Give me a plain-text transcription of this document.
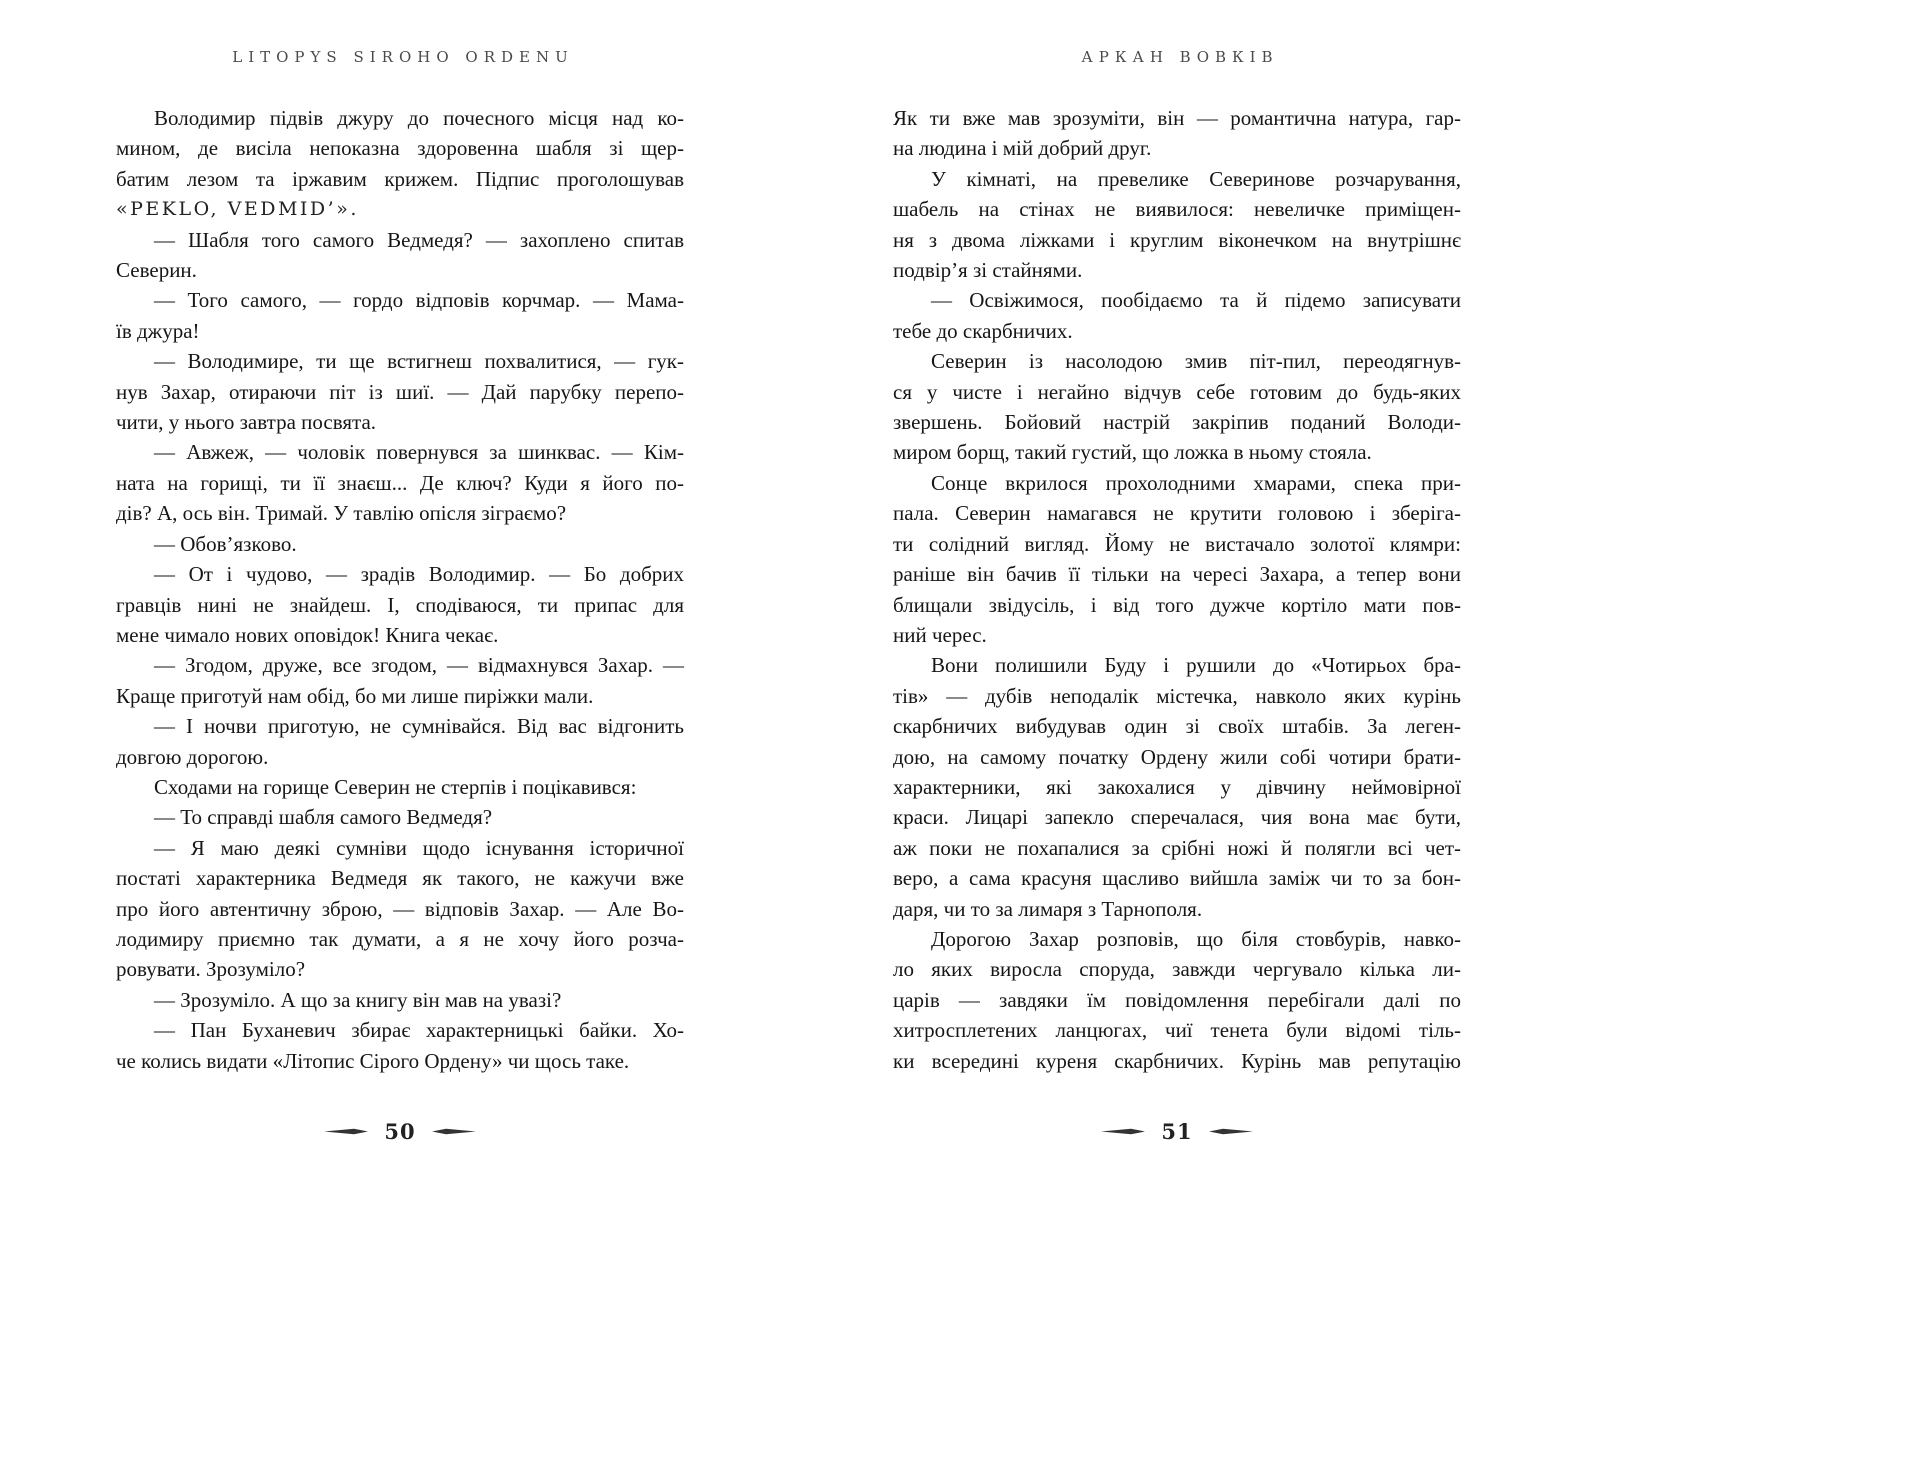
LITOPYS SIROHO ORDENU
Володимир підвів джуру до почесного місця над ко-
мином, де висіла непоказна здоровенна шабля зі щер-
батим лезом та іржавим крижем. Підпис проголошував
«PEKLO, VEDMID’».
— Шабля того самого Ведмедя? — захоплено спитав
Северин.
— Того самого, — гордо відповів корчмар. — Мама-
їв джура!
— Володимире, ти ще встигнеш похвалитися, — гук-
нув Захар, отираючи піт із шиї. — Дай парубку перепо-
чити, у нього завтра посвята.
— Авжеж, — чоловік повернувся за шинквас. — Кім-
ната на горищі, ти її знаєш... Де ключ? Куди я його по-
дів? А, ось він. Тримай. У тавлію опісля зіграємо?
— Обов’язково.
— От і чудово, — зрадів Володимир. — Бо добрих
гравців нині не знайдеш. І, сподіваюся, ти припас для
мене чимало нових оповідок! Книга чекає.
— Згодом, друже, все згодом, — відмахнувся Захар. —
Краще приготуй нам обід, бо ми лише пиріжки мали.
— І ночви приготую, не сумнівайся. Від вас відгонить
довгою дорогою.
Сходами на горище Северин не стерпів і поцікавився:
— То справді шабля самого Ведмедя?
— Я маю деякі сумніви щодо існування історичної
постаті характерника Ведмедя як такого, не кажучи вже
про його автентичну зброю, — відповів Захар. — Але Во-
лодимиру приємно так думати, а я не хочу його розча-
ровувати. Зрозуміло?
— Зрозуміло. А що за книгу він мав на увазі?
— Пан Буханевич збирає характерницькі байки. Хо-
че колись видати «Літопис Сірого Ордену» чи щось таке.
50
АРКАН ВОВКІВ
Як ти вже мав зрозуміти, він — романтична натура, гар-
на людина і мій добрий друг.
У кімнаті, на превелике Северинове розчарування,
шабель на стінах не виявилося: невеличке приміщен-
ня з двома ліжками і круглим віконечком на внутрішнє
подвір’я зі стайнями.
— Освіжимося, пообідаємо та й підемо записувати
тебе до скарбничих.
Северин із насолодою змив піт-пил, переодягнув-
ся у чисте і негайно відчув себе готовим до будь-яких
звершень. Бойовий настрій закріпив поданий Володи-
миром борщ, такий густий, що ложка в ньому стояла.
Сонце вкрилося прохолодними хмарами, спека при-
пала. Северин намагався не крутити головою і зберіга-
ти солідний вигляд. Йому не вистачало золотої клямри:
раніше він бачив її тільки на чересі Захара, а тепер вони
блищали звідусіль, і від того дужче кортіло мати пов-
ний черес.
Вони полишили Буду і рушили до «Чотирьох бра-
тів» — дубів неподалік містечка, навколо яких курінь
скарбничих вибудував один зі своїх штабів. За леген-
дою, на самому початку Ордену жили собі чотири брати-
характерники, які закохалися у дівчину неймовірної
краси. Лицарі запекло сперечалася, чия вона має бути,
аж поки не похапалися за срібні ножі й полягли всі чет-
веро, а сама красуня щасливо вийшла заміж чи то за бон-
даря, чи то за лимаря з Тарнополя.
Дорогою Захар розповів, що біля стовбурів, навко-
ло яких виросла споруда, завжди чергувало кілька ли-
царів — завдяки їм повідомлення перебігали далі по
хитросплетених ланцюгах, чиї тенета були відомі тіль-
ки всередині куреня скарбничих. Курінь мав репутацію
51
